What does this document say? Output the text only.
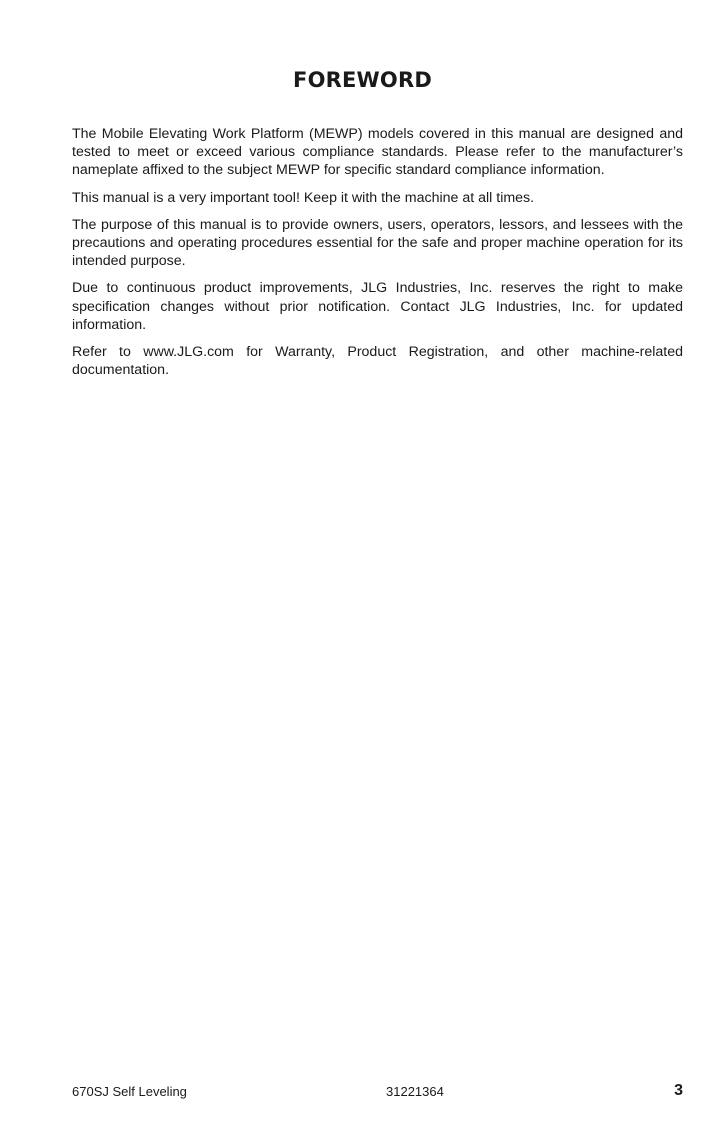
FOREWORD

The Mobile Elevating Work Platform (MEWP) models covered in this manual are designed and tested to meet or exceed various compliance standards. Please refer to the manufacturer’s nameplate affixed to the subject MEWP for specific standard compliance information.

This manual is a very important tool! Keep it with the machine at all times.

The purpose of this manual is to provide owners, users, operators, lessors, and lessees with the precautions and operating procedures essential for the safe and proper machine operation for its intended purpose.

Due to continuous product improvements, JLG Industries, Inc. reserves the right to make specification changes without prior notification. Contact JLG Industries, Inc. for updated information.

Refer to www.JLG.com for Warranty, Product Registration, and other machine-related documentation.

670SJ Self Leveling	31221364	3
